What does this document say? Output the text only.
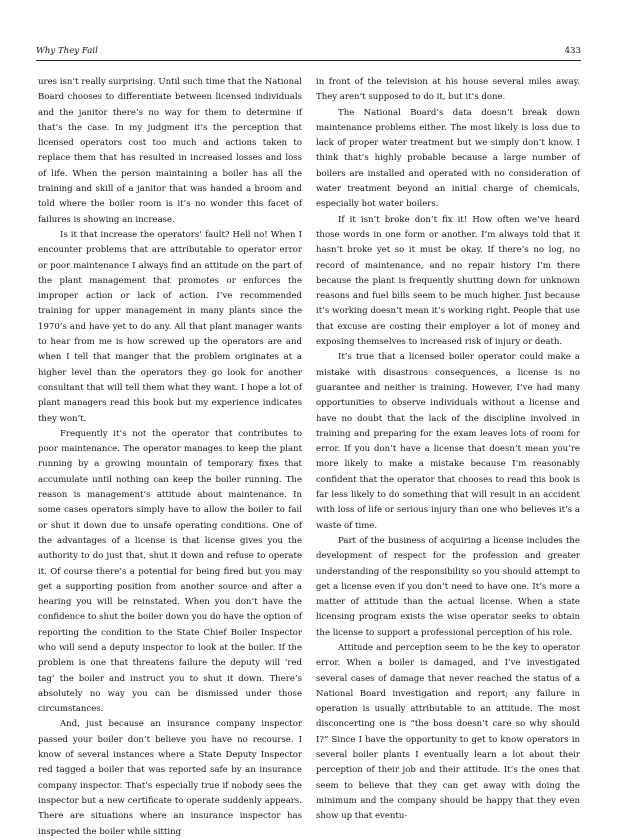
Why They Fail	433

ures isn’t really surprising. Until such time that the National Board chooses to differentiate between licensed individuals and the janitor there’s no way for them to determine if that’s the case. In my judgment it’s the perception that licensed operators cost too much and actions taken to replace them that has resulted in increased losses and loss of life. When the person maintaining a boiler has all the training and skill of a janitor that was handed a broom and told where the boiler room is it’s no wonder this facet of failures is showing an increase.

Is it that increase the operators’ fault? Hell no! When I encounter problems that are attributable to operator error or poor maintenance I always find an attitude on the part of the plant management that promotes or enforces the improper action or lack of action. I’ve recommended training for upper management in many plants since the 1970’s and have yet to do any. All that plant manager wants to hear from me is how screwed up the operators are and when I tell that manger that the problem originates at a higher level than the operators they go look for another consultant that will tell them what they want. I hope a lot of plant managers read this book but my experience indicates they won’t.

Frequently it’s not the operator that contributes to poor maintenance. The operator manages to keep the plant running by a growing mountain of temporary fixes that accumulate until nothing can keep the boiler running. The reason is management’s attitude about maintenance. In some cases operators simply have to allow the boiler to fail or shut it down due to unsafe operating conditions. One of the advantages of a license is that license gives you the authority to do just that, shut it down and refuse to operate it. Of course there’s a potential for being fired but you may get a supporting position from another source and after a hearing you will be reinstated. When you don’t have the confidence to shut the boiler down you do have the option of reporting the condition to the State Chief Boiler Inspector who will send a deputy inspector to look at the boiler. If the problem is one that threatens failure the deputy will ‘red tag’ the boiler and instruct you to shut it down. There’s absolutely no way you can be dismissed under those circumstances.

And, just because an insurance company inspector passed your boiler don’t believe you have no recourse. I know of several instances where a State Deputy Inspector red tagged a boiler that was reported safe by an insurance company inspector. That’s especially true if nobody sees the inspector but a new certificate to operate suddenly appears. There are situations where an insurance inspector has inspected the boiler while sitting

in front of the television at his house several miles away. They aren’t supposed to do it, but it’s done.

The National Board’s data doesn’t break down maintenance problems either. The most likely is loss due to lack of proper water treatment but we simply don’t know. I think that’s highly probable because a large number of boilers are installed and operated with no consideration of water treatment beyond an initial charge of chemicals, especially hot water boilers.

If it isn’t broke don’t fix it! How often we’ve heard those words in one form or another. I’m always told that it hasn’t broke yet so it must be okay. If there’s no log, no record of maintenance, and no repair history I’m there because the plant is frequently shutting down for unknown reasons and fuel bills seem to be much higher. Just because it’s working doesn’t mean it’s working right. People that use that excuse are costing their employer a lot of money and exposing themselves to increased risk of injury or death.

It’s true that a licensed boiler operator could make a mistake with disastrous consequences, a license is no guarantee and neither is training. However, I’ve had many opportunities to observe individuals without a license and have no doubt that the lack of the discipline involved in training and preparing for the exam leaves lots of room for error. If you don’t have a license that doesn’t mean you’re more likely to make a mistake because I’m reasonably confident that the operator that chooses to read this book is far less likely to do something that will result in an accident with loss of life or serious injury than one who believes it’s a waste of time.

Part of the business of acquiring a license includes the development of respect for the profession and greater understanding of the responsibility so you should attempt to get a license even if you don’t need to have one. It’s more a matter of attitude than the actual license. When a state licensing program exists the wise operator seeks to obtain the license to support a professional perception of his role.

Attitude and perception seem to be the key to operator error. When a boiler is damaged, and I’ve investigated several cases of damage that never reached the status of a National Board investigation and report; any failure in operation is usually attributable to an attitude. The most disconcerting one is “the boss doesn’t care so why should I?” Since I have the opportunity to get to know operators in several boiler plants I eventually learn a lot about their perception of their job and their attitude. It’s the ones that seem to believe that they can get away with doing the minimum and the company should be happy that they even show up that eventu-
